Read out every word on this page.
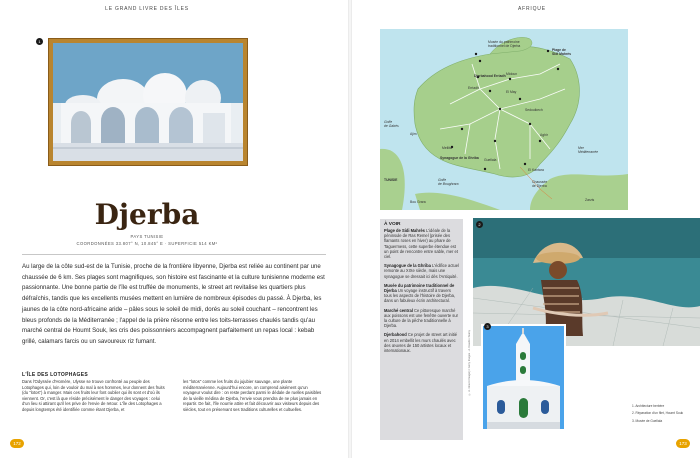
LE GRAND LIVRE DES ÎLES
1
Djerba
PAYS TUNISIE
COORDONNÉES 33.807° N, 10.845° E · SUPERFICIE 514 KM²
Au large de la côte sud-est de la Tunisie, proche de la frontière libyenne, Djerba est reliée au continent par une chaussée de 6 km. Ses plages sont magnifiques, son histoire est fascinante et la culture tunisienne moderne est passionnante. Une bonne partie de l'île est truffée de monuments, le street art revitalise les quartiers plus défraîchis, tandis que les excellents musées mettent en lumière de nombreux épisodes du passé. À Djerba, les jaunes de la côte nord-africaine aride – pâles sous le soleil de midi, dorés au soleil couchant – rencontrent les bleus profonds de la Méditerranée ; l'appel de la prière résonne entre les toits-terrasses chaulés tandis qu'au marché central de Houmt Souk, les cris des poissonniers accompagnent parfaitement un repas local : kebab grillé, calamars farcis ou un savoureux riz fumant.
L'ÎLE DES LOTOPHAGES
Dans l'Odyssée d'Homère, Ulysse se trouve confronté au peuple des Lotophages qui, loin de vouloir du mal à ses hommes, leur donnent des fruits (du "lotos") à manger. Mais ces fruits leur font oublier qui ils sont et d'où ils viennent. Or, c'est là que réside précisément le danger des voyages : celui d'un lieu si attirant qu'il les prive de l'envie de retour. L'île des Lotophages a depuis longtemps été identifiée comme étant Djerba, et
les "lotos" comme les fruits du jujubier sauvage, une plante méditerranéenne. Aujourd'hui encore, on comprend aisément qu'un voyageur voulut dire : on reste perdant parmi le dédale de ruelles paisibles de la vieille médina de Djerba, l'envie vous prendra de ne plus jamais en repartir. De fait, l'île nourrie attire et fait découvrir aux visiteurs depuis des siècles, tout en préservant ses traditions culturelles et cultuelles.
172
AFRIQUE
Musée du patrimoine
traditionnel de Djerba
Plage de
Sidi Mahrès
Djerbahood Erriadh Midoun
El May
Erriadh
Sedouikech
Aghir
Mer
Méditerranée
Ajim
Mellita
Synagogue de la Ghriba Guellala
Golfe
de Boughrara
El Kantara
Chaussée
de Djerba
Golfe
de Gabès
TUNISIE
Bou Grara	Zarzis
À VOIR
Plage de Sidi Mahrès L'idéale de la péninsule de Ras Remel (prisée des flamants roses en hiver) au phare de Taguermess, cette superbe étendue est un point de rencontre entre sable, mer et ciel.
Synagogue de la Ghriba L'édifice actuel remonte au XIXe siècle, mais une synagogue se dressait ici dès l'Antiquité.
Musée du patrimoine traditionnel de Djerba Un voyage instructif à travers tous les aspects de l'histoire de Djerba, dans un fabuleux écrin architectural.
Marché central Ce pittoresque marché aux poissons est une fenêtre ouverte sur la culture de la pêche traditionnelle à Djerba.
Djerbahood Ce projet de street art initié en 2014 embellit les murs chaulés avec des œuvres de 150 artistes locaux et internationaux.
2
3
© A. Ghezzi Imagery / Getty Images · A. Daudin / Alamy
1. Architecture berbère
2. Réparation d'un filet, Houmt Souk
3. Musée de Guellala
173
